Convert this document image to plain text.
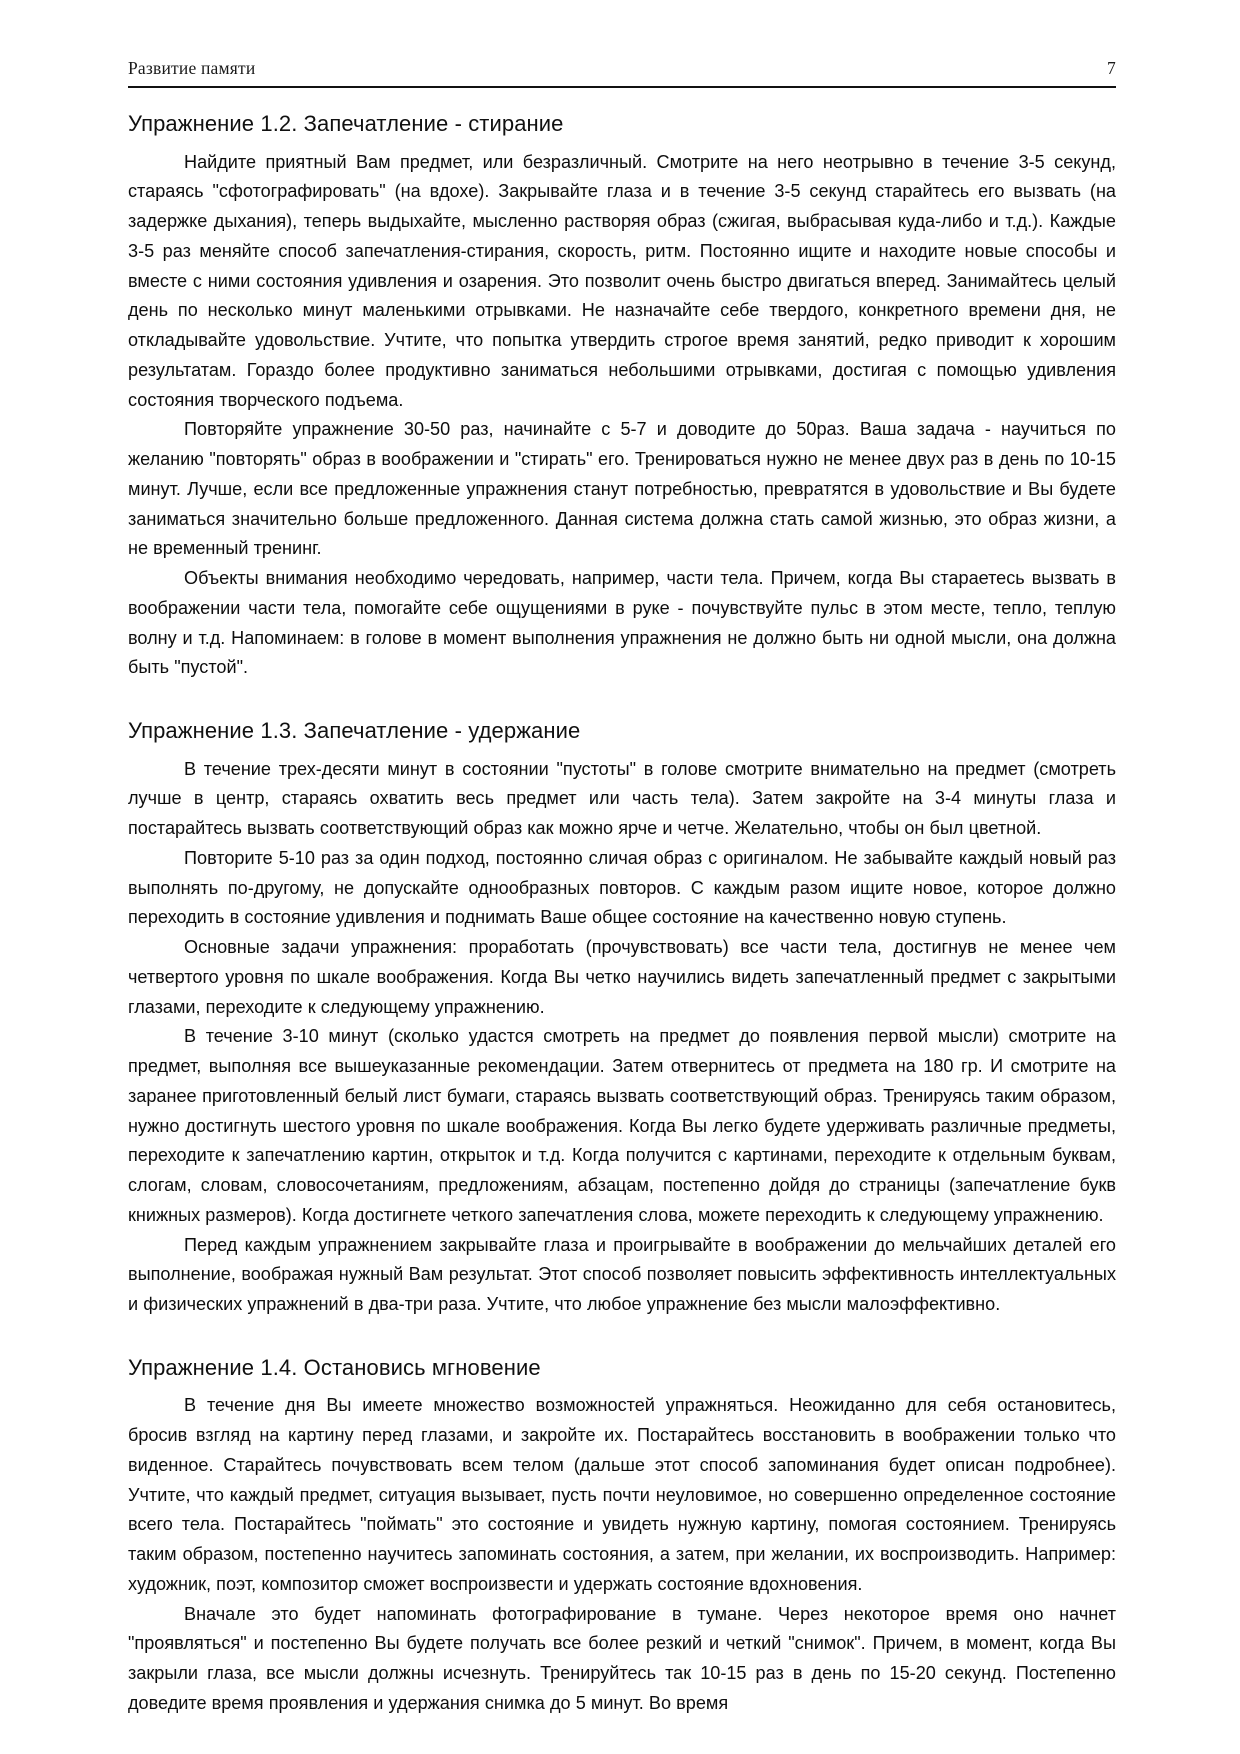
Развитие памяти	7
Упражнение 1.2. Запечатление - стирание

Найдите приятный Вам предмет, или безразличный. Смотрите на него неотрывно в течение 3-5 секунд, стараясь "сфотографировать" (на вдохе). Закрывайте глаза и в течение 3-5 секунд старайтесь его вызвать (на задержке дыхания), теперь выдыхайте, мысленно растворяя образ (сжигая, выбрасывая куда-либо и т.д.). Каждые 3-5 раз меняйте способ запечатления-стирания, скорость, ритм. Постоянно ищите и находите новые способы и вместе с ними состояния удивления и озарения. Это позволит очень быстро двигаться вперед. Занимайтесь целый день по несколько минут маленькими отрывками. Не назначайте себе твердого, конкретного времени дня, не откладывайте удовольствие. Учтите, что попытка утвердить строгое время занятий, редко приводит к хорошим результатам. Гораздо более продуктивно заниматься небольшими отрывками, достигая с помощью удивления состояния творческого подъема.

Повторяйте упражнение 30-50 раз, начинайте с 5-7 и доводите до 50раз. Ваша задача - научиться по желанию "повторять" образ в воображении и "стирать" его. Тренироваться нужно не менее двух раз в день по 10-15 минут. Лучше, если все предложенные упражнения станут потребностью, превратятся в удовольствие и Вы будете заниматься значительно больше предложенного. Данная система должна стать самой жизнью, это образ жизни, а не временный тренинг.

Объекты внимания необходимо чередовать, например, части тела. Причем, когда Вы стараетесь вызвать в воображении части тела, помогайте себе ощущениями в руке - почувствуйте пульс в этом месте, тепло, теплую волну и т.д. Напоминаем: в голове в момент выполнения упражнения не должно быть ни одной мысли, она должна быть "пустой".

Упражнение 1.3. Запечатление - удержание

В течение трех-десяти минут в состоянии "пустоты" в голове смотрите внимательно на предмет (смотреть лучше в центр, стараясь охватить весь предмет или часть тела). Затем закройте на 3-4 минуты глаза и постарайтесь вызвать соответствующий образ как можно ярче и четче. Желательно, чтобы он был цветной.

Повторите 5-10 раз за один подход, постоянно сличая образ с оригиналом. Не забывайте каждый новый раз выполнять по-другому, не допускайте однообразных повторов. С каждым разом ищите новое, которое должно переходить в состояние удивления и поднимать Ваше общее состояние на качественно новую ступень.

Основные задачи упражнения: проработать (прочувствовать) все части тела, достигнув не менее чем четвертого уровня по шкале воображения. Когда Вы четко научились видеть запечатленный предмет с закрытыми глазами, переходите к следующему упражнению.

В течение 3-10 минут (сколько удастся смотреть на предмет до появления первой мысли) смотрите на предмет, выполняя все вышеуказанные рекомендации. Затем отвернитесь от предмета на 180 гр. И смотрите на заранее приготовленный белый лист бумаги, стараясь вызвать соответствующий образ. Тренируясь таким образом, нужно достигнуть шестого уровня по шкале воображения. Когда Вы легко будете удерживать различные предметы, переходите к запечатлению картин, открыток и т.д. Когда получится с картинами, переходите к отдельным буквам, слогам, словам, словосочетаниям, предложениям, абзацам, постепенно дойдя до страницы (запечатление букв книжных размеров). Когда достигнете четкого запечатления слова, можете переходить к следующему упражнению.

Перед каждым упражнением закрывайте глаза и проигрывайте в воображении до мельчайших деталей его выполнение, воображая нужный Вам результат. Этот способ позволяет повысить эффективность интеллектуальных и физических упражнений в два-три раза. Учтите, что любое упражнение без мысли малоэффективно.

Упражнение 1.4. Остановись мгновение

В течение дня Вы имеете множество возможностей упражняться. Неожиданно для себя остановитесь, бросив взгляд на картину перед глазами, и закройте их. Постарайтесь восстановить в воображении только что виденное. Старайтесь почувствовать всем телом (дальше этот способ запоминания будет описан подробнее). Учтите, что каждый предмет, ситуация вызывает, пусть почти неуловимое, но совершенно определенное состояние всего тела. Постарайтесь "поймать" это состояние и увидеть нужную картину, помогая состоянием. Тренируясь таким образом, постепенно научитесь запоминать состояния, а затем, при желании, их воспроизводить. Например: художник, поэт, композитор сможет воспроизвести и удержать состояние вдохновения.

Вначале это будет напоминать фотографирование в тумане. Через некоторое время оно начнет "проявляться" и постепенно Вы будете получать все более резкий и четкий "снимок". Причем, в момент, когда Вы закрыли глаза, все мысли должны исчезнуть. Тренируйтесь так 10-15 раз в день по 15-20 секунд. Постепенно доведите время проявления и удержания снимка до 5 минут. Во время
